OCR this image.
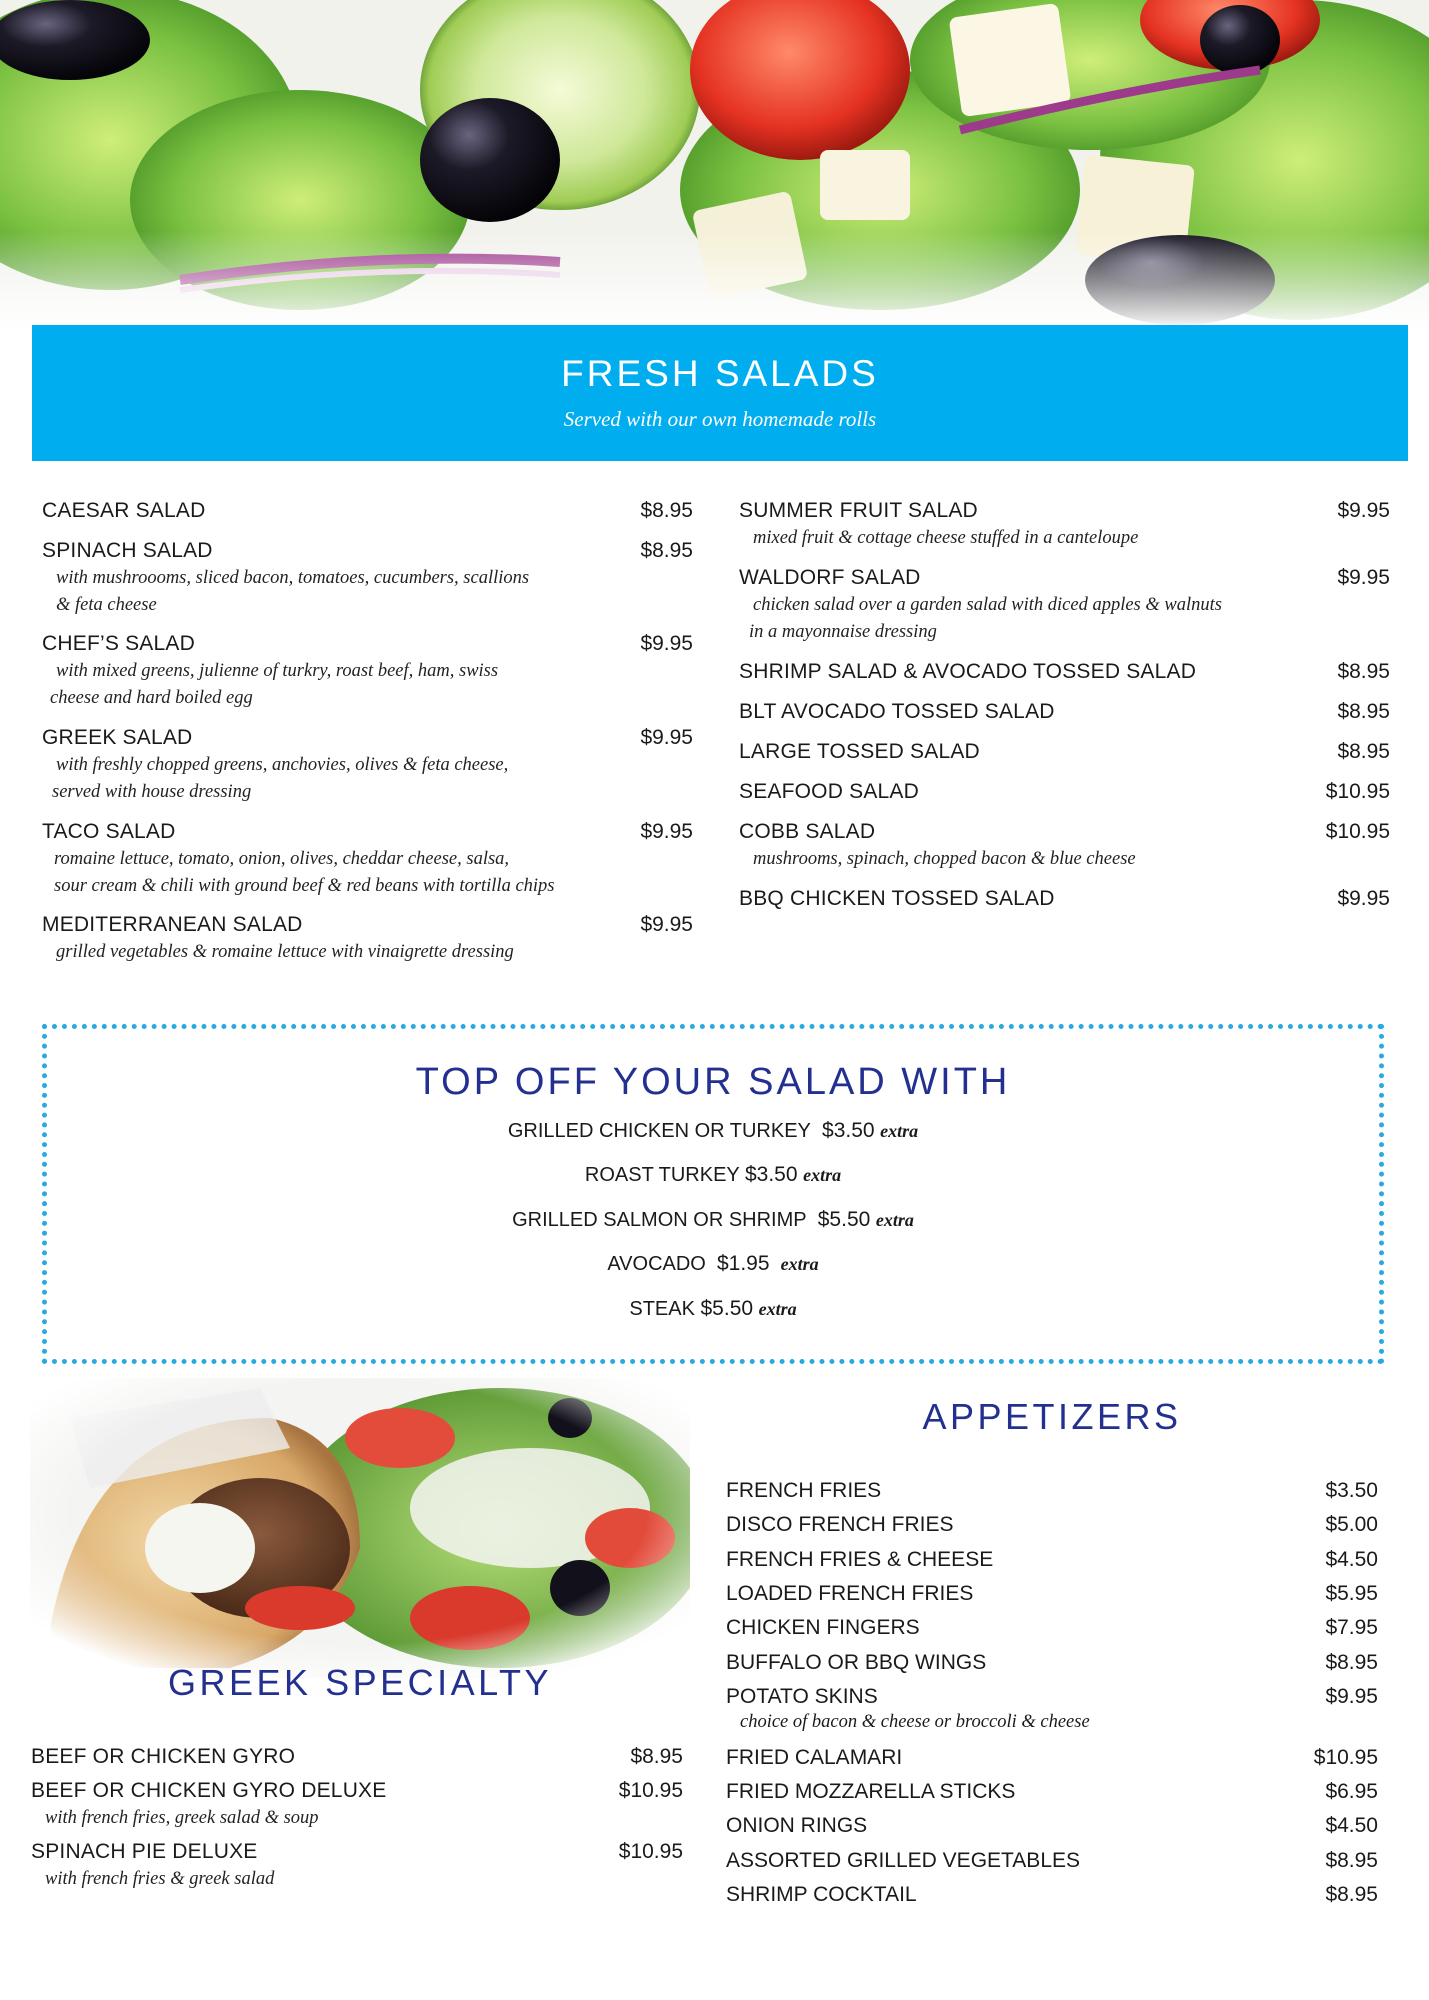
FRESH SALADS
Served with our own homemade rolls
CAESAR SALAD	$8.95
SPINACH SALAD	$8.95
with mushroooms, sliced bacon, tomatoes, cucumbers, scallions
& feta cheese
CHEF’S SALAD	$9.95
with mixed greens, julienne of turkry, roast beef, ham, swiss
cheese and hard boiled egg
GREEK SALAD	$9.95
with freshly chopped greens, anchovies, olives & feta cheese,
served with house dressing
TACO SALAD	$9.95
romaine lettuce, tomato, onion, olives, cheddar cheese, salsa,
sour cream & chili with ground beef & red beans with tortilla chips
MEDITERRANEAN SALAD	$9.95
grilled vegetables & romaine lettuce with vinaigrette dressing
SUMMER FRUIT SALAD	$9.95
mixed fruit & cottage cheese stuffed in a canteloupe
WALDORF SALAD	$9.95
chicken salad over a garden salad with diced apples & walnuts
in a mayonnaise dressing
SHRIMP SALAD & AVOCADO TOSSED SALAD	$8.95
BLT AVOCADO TOSSED SALAD	$8.95
LARGE TOSSED SALAD	$8.95
SEAFOOD SALAD	$10.95
COBB SALAD	$10.95
mushrooms, spinach, chopped bacon & blue cheese
BBQ CHICKEN TOSSED SALAD	$9.95
TOP OFF YOUR SALAD WITH
GRILLED CHICKEN OR TURKEY $3.50 extra
ROAST TURKEY $3.50 extra
GRILLED SALMON OR SHRIMP $5.50 extra
AVOCADO $1.95 extra
STEAK $5.50 extra
GREEK SPECIALTY
BEEF OR CHICKEN GYRO	$8.95
BEEF OR CHICKEN GYRO DELUXE	$10.95
with french fries, greek salad & soup
SPINACH PIE DELUXE	$10.95
with french fries & greek salad
APPETIZERS
FRENCH FRIES	$3.50
DISCO FRENCH FRIES	$5.00
FRENCH FRIES & CHEESE	$4.50
LOADED FRENCH FRIES	$5.95
CHICKEN FINGERS	$7.95
BUFFALO OR BBQ WINGS	$8.95
POTATO SKINS	$9.95
choice of bacon & cheese or broccoli & cheese
FRIED CALAMARI	$10.95
FRIED MOZZARELLA STICKS	$6.95
ONION RINGS	$4.50
ASSORTED GRILLED VEGETABLES	$8.95
SHRIMP COCKTAIL	$8.95
